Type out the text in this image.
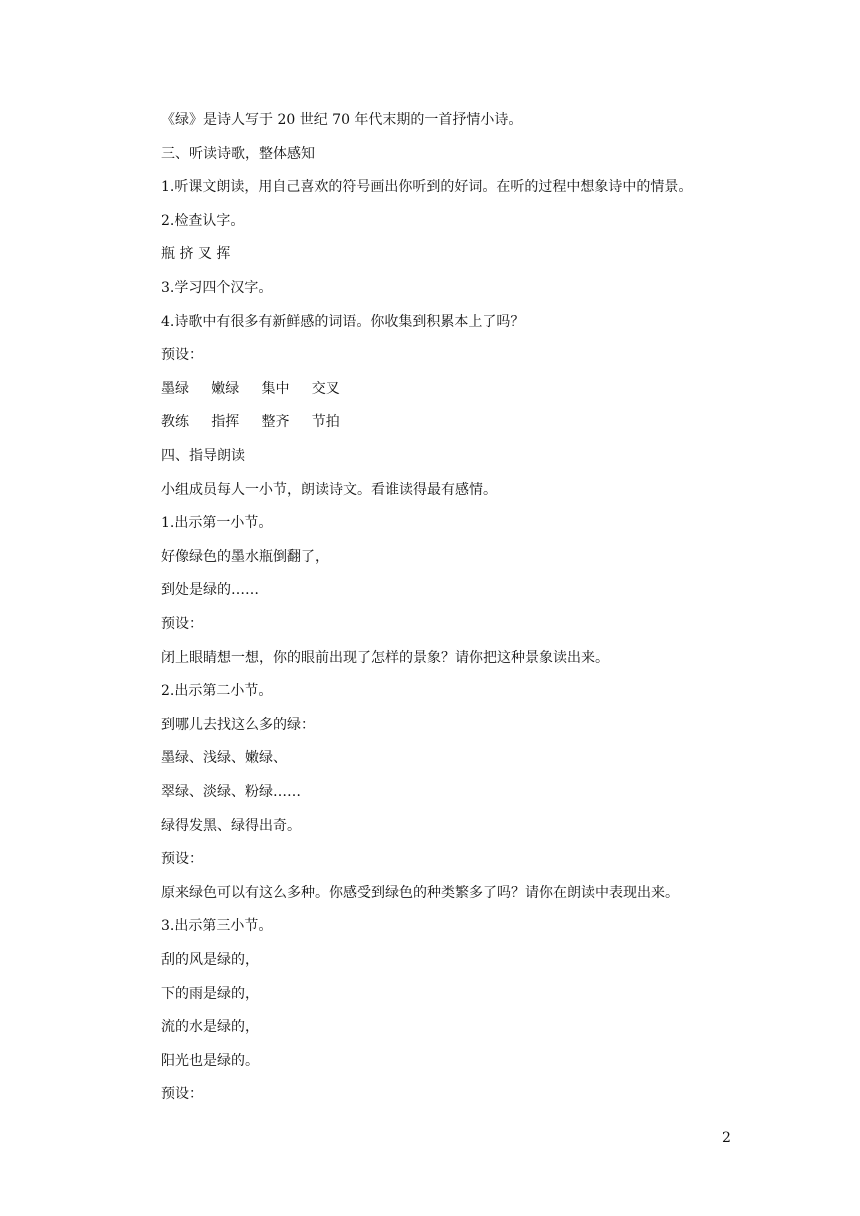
《绿》是诗人写于 20 世纪 70 年代末期的一首抒情小诗。
三、听读诗歌，整体感知
1.听课文朗读，用自己喜欢的符号画出你听到的好词。在听的过程中想象诗中的情景。
2.检查认字。
瓶 挤 叉 挥
3.学习四个汉字。
4.诗歌中有很多有新鲜感的词语。你收集到积累本上了吗？
预设：
墨绿     嫩绿     集中     交叉
教练     指挥     整齐     节拍
四、指导朗读
小组成员每人一小节，朗读诗文。看谁读得最有感情。
1.出示第一小节。
好像绿色的墨水瓶倒翻了，
到处是绿的……
预设：
闭上眼睛想一想，你的眼前出现了怎样的景象？请你把这种景象读出来。
2.出示第二小节。
到哪儿去找这么多的绿：
墨绿、浅绿、嫩绿、
翠绿、淡绿、粉绿……
绿得发黑、绿得出奇。
预设：
原来绿色可以有这么多种。你感受到绿色的种类繁多了吗？请你在朗读中表现出来。
3.出示第三小节。
刮的风是绿的，
下的雨是绿的，
流的水是绿的，
阳光也是绿的。
预设：
2
